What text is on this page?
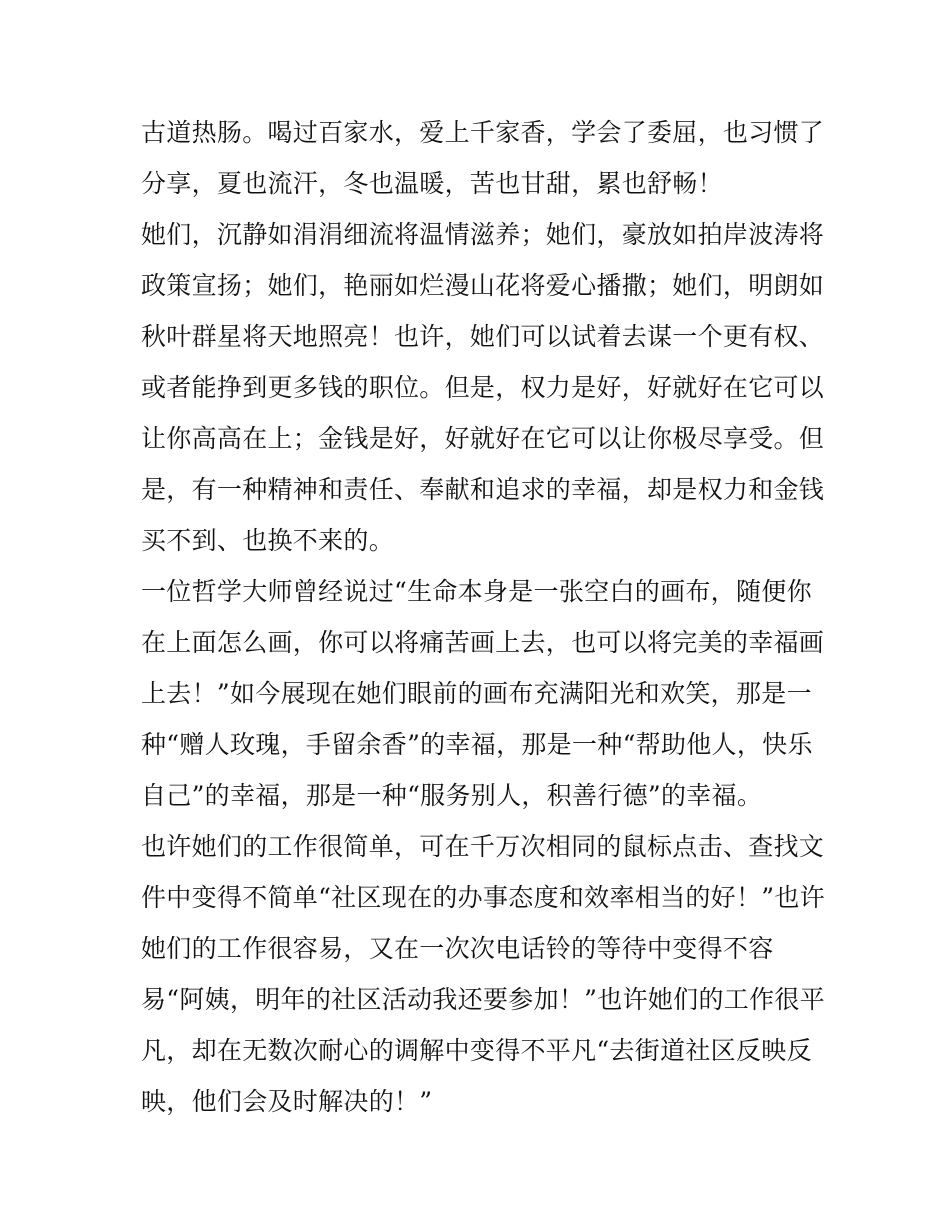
古道热肠。喝过百家水，爱上千家香，学会了委屈，也习惯了
分享，夏也流汗，冬也温暖，苦也甘甜，累也舒畅！
她们，沉静如涓涓细流将温情滋养；她们，豪放如拍岸波涛将
政策宣扬；她们，艳丽如烂漫山花将爱心播撒；她们，明朗如
秋叶群星将天地照亮！也许，她们可以试着去谋一个更有权、
或者能挣到更多钱的职位。但是，权力是好，好就好在它可以
让你高高在上；金钱是好，好就好在它可以让你极尽享受。但
是，有一种精神和责任、奉献和追求的幸福，却是权力和金钱
买不到、也换不来的。
一位哲学大师曾经说过“生命本身是一张空白的画布，随便你
在上面怎么画，你可以将痛苦画上去，也可以将完美的幸福画
上去！”如今展现在她们眼前的画布充满阳光和欢笑，那是一
种“赠人玫瑰，手留余香”的幸福，那是一种“帮助他人，快乐
自己”的幸福，那是一种“服务别人，积善行德”的幸福。
也许她们的工作很简单，可在千万次相同的鼠标点击、查找文
件中变得不简单“社区现在的办事态度和效率相当的好！”也许
她们的工作很容易，又在一次次电话铃的等待中变得不容
易“阿姨，明年的社区活动我还要参加！”也许她们的工作很平
凡，却在无数次耐心的调解中变得不平凡“去街道社区反映反
映，他们会及时解决的！”
